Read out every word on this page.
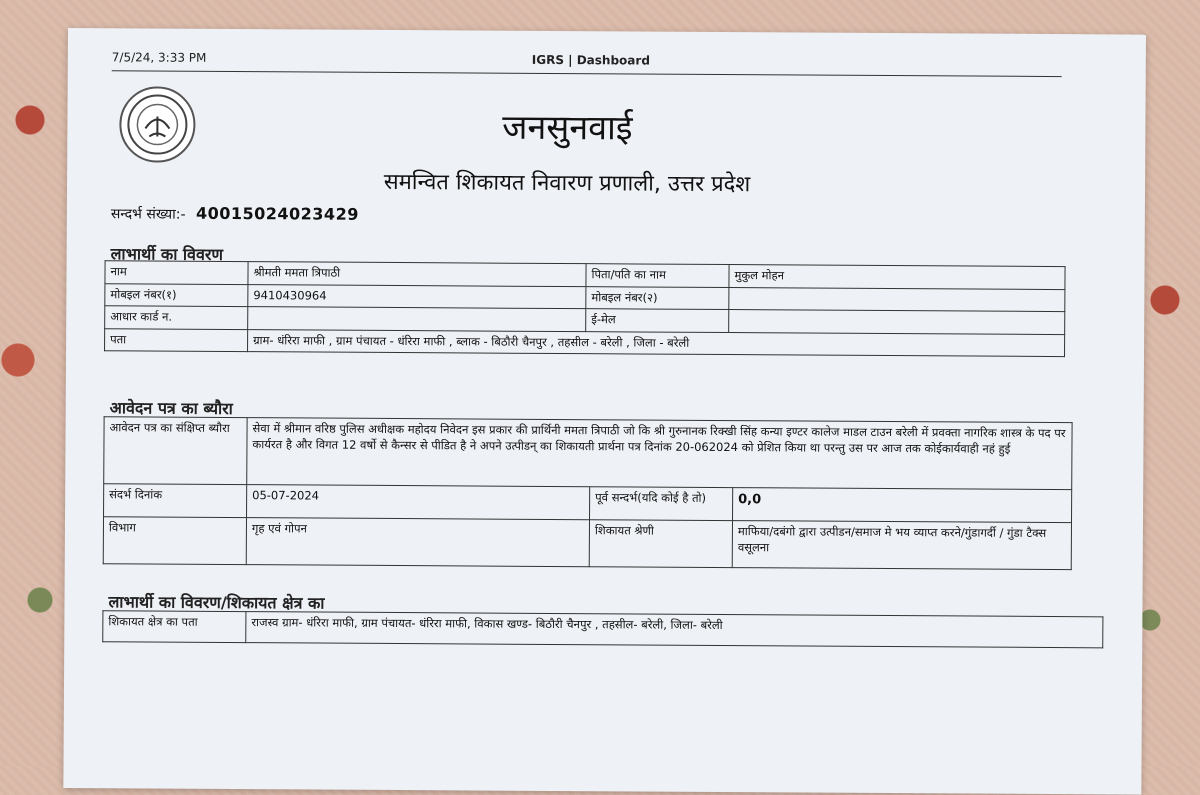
7/5/24, 3:33 PM	IGRS | Dashboard
जनसुनवाई
समन्वित शिकायत निवारण प्रणाली, उत्तर प्रदेश
सन्दर्भ संख्या:- 40015024023429
लाभार्थी का विवरण
नाम	श्रीमती ममता त्रिपाठी	पिता/पति का नाम	मुकुल मोहन
मोबइल नंबर(१)	9410430964	मोबइल नंबर(२)	
आधार कार्ड न.		ई-मेल	
पता	ग्राम- धंरिरा माफी , ग्राम पंचायत - धंरिरा माफी , ब्लाक - बिठौरी चैनपुर , तहसील - बरेली , जिला - बरेली		
आवेदन पत्र का ब्यौरा
आवेदन पत्र का संक्षिप्त ब्यौरा	सेवा में श्रीमान वरिष्ठ पुलिस अधीक्षक महोदय निवेदन इस प्रकार की प्रार्थिनी ममता त्रिपाठी जो कि श्री गुरुनानक रिक्खी सिंह कन्या इण्टर कालेज माडल टाउन बरेली में प्रवक्ता नागरिक शास्त्र के पद पर कार्यरत है और विगत 12 वर्षो से कैन्सर से पीडित है ने अपने उत्पीडन् का शिकायती प्रार्थना पत्र दिनांक 20-062024 को प्रेशित किया था परन्तु उस पर आज तक कोईकार्यवाही नहं हुई		
संदर्भ दिनांक	05-07-2024	पूर्व सन्दर्भ(यदि कोई है तो)	0,0
विभाग	गृह एवं गोपन	शिकायत श्रेणी	माफिया/दबंगो द्वारा उत्पीडन/समाज मे भय व्याप्त करने/गुंडागर्दी / गुंडा टैक्स वसूलना
लाभार्थी का विवरण/शिकायत क्षेत्र का
शिकायत क्षेत्र का पता	राजस्व ग्राम- धंरिरा माफी, ग्राम पंचायत- धंरिरा माफी, विकास खण्ड- बिठौरी चैनपुर , तहसील- बरेली, जिला- बरेली
